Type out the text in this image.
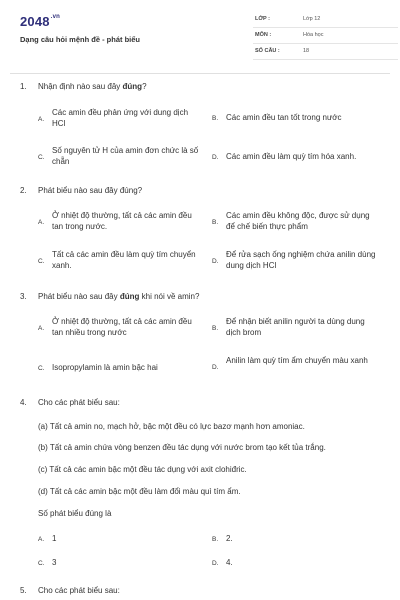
$2048^{.vn}$
Dạng câu hỏi mệnh đề - phát biểu
LỚP :	Lớp 12
MÔN :	Hóa học
SỐ CÂU :	18
1. Nhận định nào sau đây đúng?
A.
Các amin đều phản ứng với dung dịch HCl
B. Các amin đều tan tốt trong nước
C.
Số nguyên tử H của amin đơn chức là số chẵn	D. Các amin đều làm quỳ tím hóa xanh.
2. Phát biểu nào sau đây đúng?
A.
Ở nhiệt độ thường, tất cả các amin đều tan trong nước.	B.
Các amin đều không độc, được sử dụng để chế biến thực phẩm
C.
Tất cả các amin đều làm quỳ tím chuyển xanh.	D.
Để rửa sạch ống nghiệm chứa anilin dùng dung dịch HCl
3. Phát biểu nào sau đây đúng khi nói về amin?
A.
Ở nhiệt độ thường, tất cả các amin đều tan nhiều trong nước	B.
Để nhận biết anilin người ta dùng dung dịch brom
C. Isopropylamin là amin bậc hai	D.
Anilin làm quỳ tím ẩm chuyển màu xanh
4. Cho các phát biểu sau:
(a) Tất cả amin no, mạch hở, bậc một đều có lực bazơ mạnh hơn amoniac.
(b) Tất cả amin chứa vòng benzen đều tác dụng với nước brom tạo kết tủa trắng.
(c) Tất cả các amin bậc một đều tác dụng với axit clohiđric.
(d) Tất cả các amin bậc một đều làm đổi màu quì tím ẩm.
Số phát biểu đúng là
A. 1	B. 2.
C. 3	D. 4.
5. Cho các phát biểu sau:
